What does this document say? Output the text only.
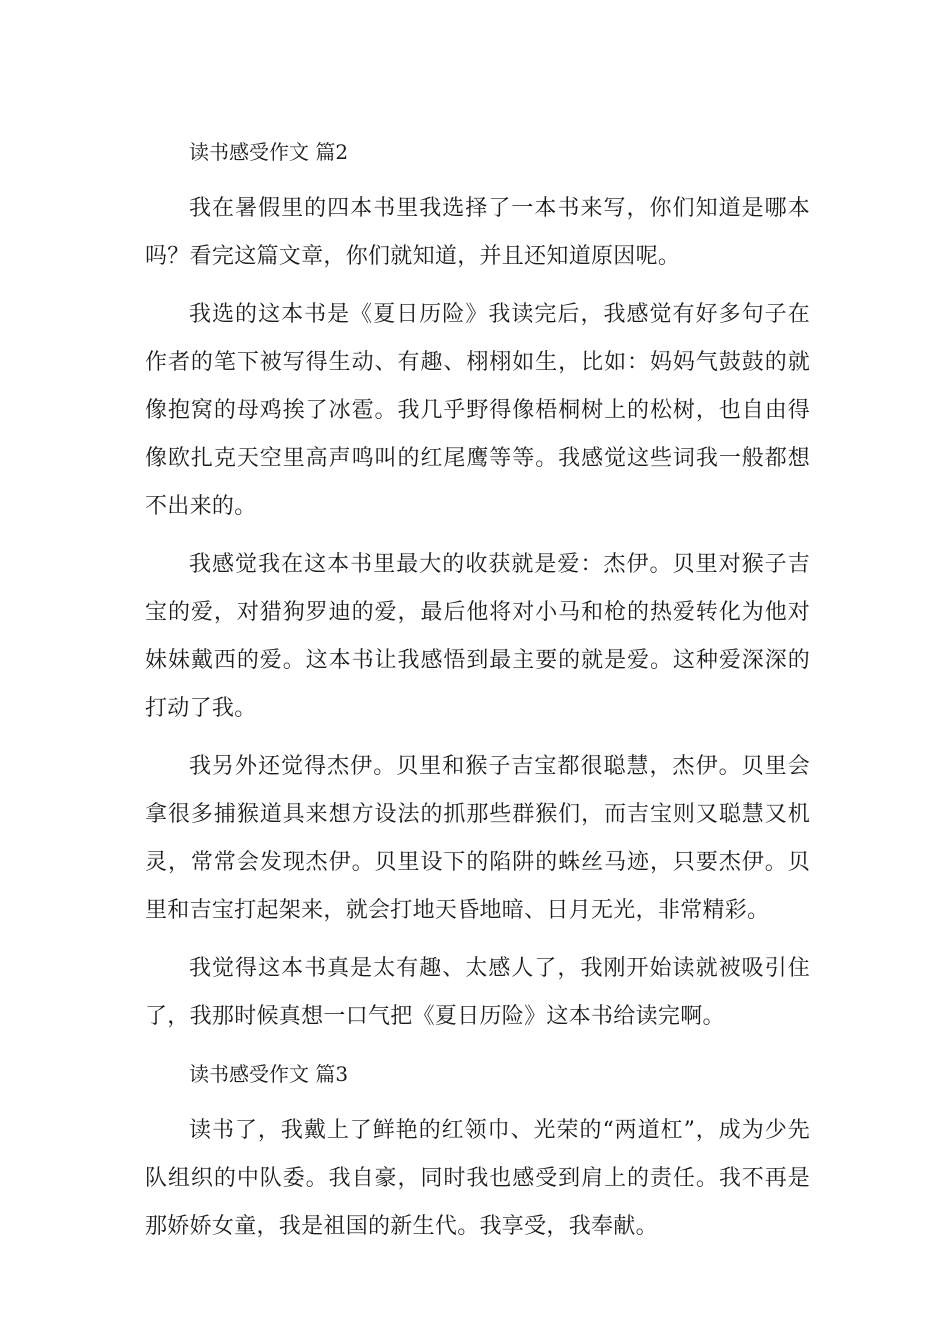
读书感受作文 篇2

我在暑假里的四本书里我选择了一本书来写，你们知道是哪本吗？看完这篇文章，你们就知道，并且还知道原因呢。

我选的这本书是《夏日历险》我读完后，我感觉有好多句子在作者的笔下被写得生动、有趣、栩栩如生，比如：妈妈气鼓鼓的就像抱窝的母鸡挨了冰雹。我几乎野得像梧桐树上的松树，也自由得像欧扎克天空里高声鸣叫的红尾鹰等等。我感觉这些词我一般都想不出来的。

我感觉我在这本书里最大的收获就是爱：杰伊。贝里对猴子吉宝的爱，对猎狗罗迪的爱，最后他将对小马和枪的热爱转化为他对妹妹戴西的爱。这本书让我感悟到最主要的就是爱。这种爱深深的打动了我。

我另外还觉得杰伊。贝里和猴子吉宝都很聪慧，杰伊。贝里会拿很多捕猴道具来想方设法的抓那些群猴们，而吉宝则又聪慧又机灵，常常会发现杰伊。贝里设下的陷阱的蛛丝马迹，只要杰伊。贝里和吉宝打起架来，就会打地天昏地暗、日月无光，非常精彩。

我觉得这本书真是太有趣、太感人了，我刚开始读就被吸引住了，我那时候真想一口气把《夏日历险》这本书给读完啊。

读书感受作文 篇3

读书了，我戴上了鲜艳的红领巾、光荣的“两道杠”，成为少先队组织的中队委。我自豪，同时我也感受到肩上的责任。我不再是那娇娇女童，我是祖国的新生代。我享受，我奉献。
